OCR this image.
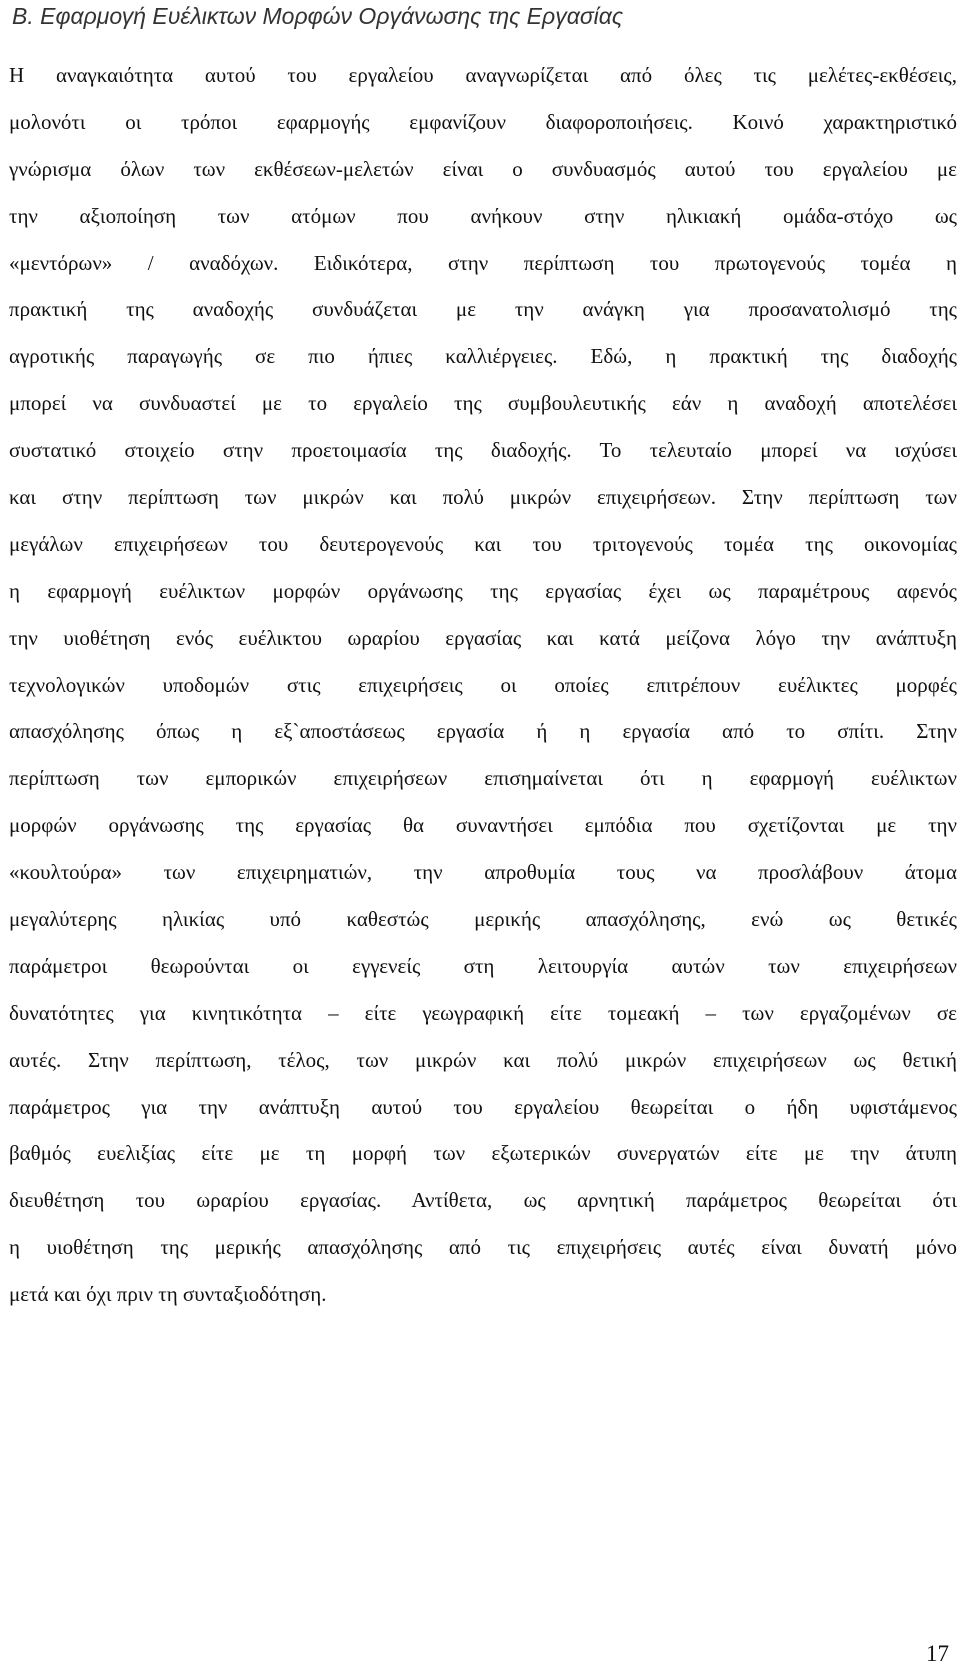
Β. Εφαρμογή Ευέλικτων Μορφών Οργάνωσης της Εργασίας
Η αναγκαιότητα αυτού του εργαλείου αναγνωρίζεται από όλες τις μελέτες-εκθέσεις,
μολονότι οι τρόποι εφαρμογής εμφανίζουν διαφοροποιήσεις. Κοινό χαρακτηριστικό
γνώρισμα όλων των εκθέσεων-μελετών είναι ο συνδυασμός αυτού του εργαλείου με
την αξιοποίηση των ατόμων που ανήκουν στην ηλικιακή ομάδα-στόχο ως
«μεντόρων» / αναδόχων. Ειδικότερα, στην περίπτωση του πρωτογενούς τομέα η
πρακτική της αναδοχής συνδυάζεται με την ανάγκη για προσανατολισμό της
αγροτικής παραγωγής σε πιο ήπιες καλλιέργειες. Εδώ, η πρακτική της διαδοχής
μπορεί να συνδυαστεί με το εργαλείο της συμβουλευτικής εάν η αναδοχή αποτελέσει
συστατικό στοιχείο στην προετοιμασία της διαδοχής. Το τελευταίο μπορεί να ισχύσει
και στην περίπτωση των μικρών και πολύ μικρών επιχειρήσεων. Στην περίπτωση των
μεγάλων επιχειρήσεων του δευτερογενούς και του τριτογενούς τομέα της οικονομίας
η εφαρμογή ευέλικτων μορφών οργάνωσης της εργασίας έχει ως παραμέτρους αφενός
την υιοθέτηση ενός ευέλικτου ωραρίου εργασίας και κατά μείζονα λόγο την ανάπτυξη
τεχνολογικών υποδομών στις επιχειρήσεις οι οποίες επιτρέπουν ευέλικτες μορφές
απασχόλησης όπως η εξ`αποστάσεως εργασία ή η εργασία από το σπίτι. Στην
περίπτωση των εμπορικών επιχειρήσεων επισημαίνεται ότι η εφαρμογή ευέλικτων
μορφών οργάνωσης της εργασίας θα συναντήσει εμπόδια που σχετίζονται με την
«κουλτούρα» των επιχειρηματιών, την απροθυμία τους να προσλάβουν άτομα
μεγαλύτερης ηλικίας υπό καθεστώς μερικής απασχόλησης, ενώ ως θετικές
παράμετροι θεωρούνται οι εγγενείς στη λειτουργία αυτών των επιχειρήσεων
δυνατότητες για κινητικότητα – είτε γεωγραφική είτε τομεακή – των εργαζομένων σε
αυτές. Στην περίπτωση, τέλος, των μικρών και πολύ μικρών επιχειρήσεων ως θετική
παράμετρος για την ανάπτυξη αυτού του εργαλείου θεωρείται ο ήδη υφιστάμενος
βαθμός ευελιξίας είτε με τη μορφή των εξωτερικών συνεργατών είτε με την άτυπη
διευθέτηση του ωραρίου εργασίας. Αντίθετα, ως αρνητική παράμετρος θεωρείται ότι
η υιοθέτηση της μερικής απασχόλησης από τις επιχειρήσεις αυτές είναι δυνατή μόνο
μετά και όχι πριν τη συνταξιοδότηση.
17
